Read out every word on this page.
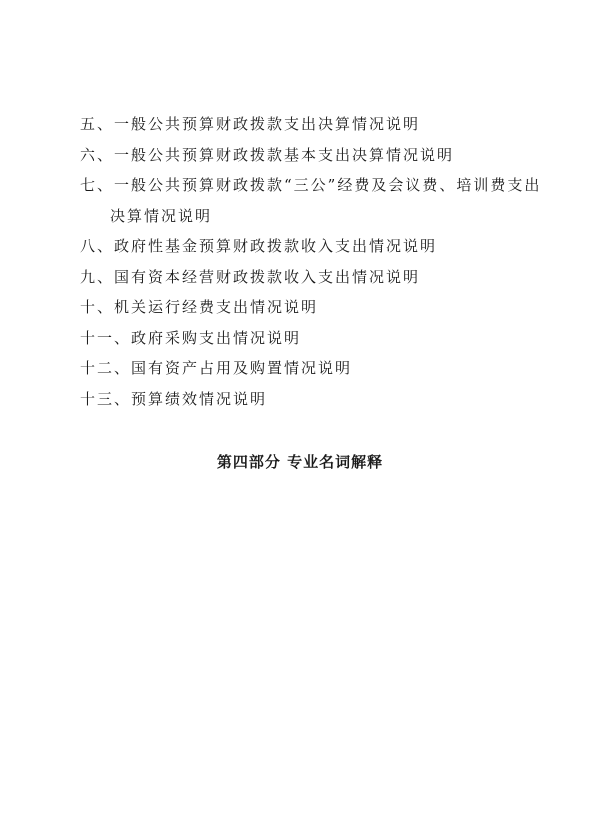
五、一般公共预算财政拨款支出决算情况说明
六、一般公共预算财政拨款基本支出决算情况说明
七、一般公共预算财政拨款“三公”经费及会议费、培训费支出
决算情况说明
八、政府性基金预算财政拨款收入支出情况说明
九、国有资本经营财政拨款收入支出情况说明
十、机关运行经费支出情况说明
十一、政府采购支出情况说明
十二、国有资产占用及购置情况说明
十三、预算绩效情况说明
第四部分 专业名词解释
